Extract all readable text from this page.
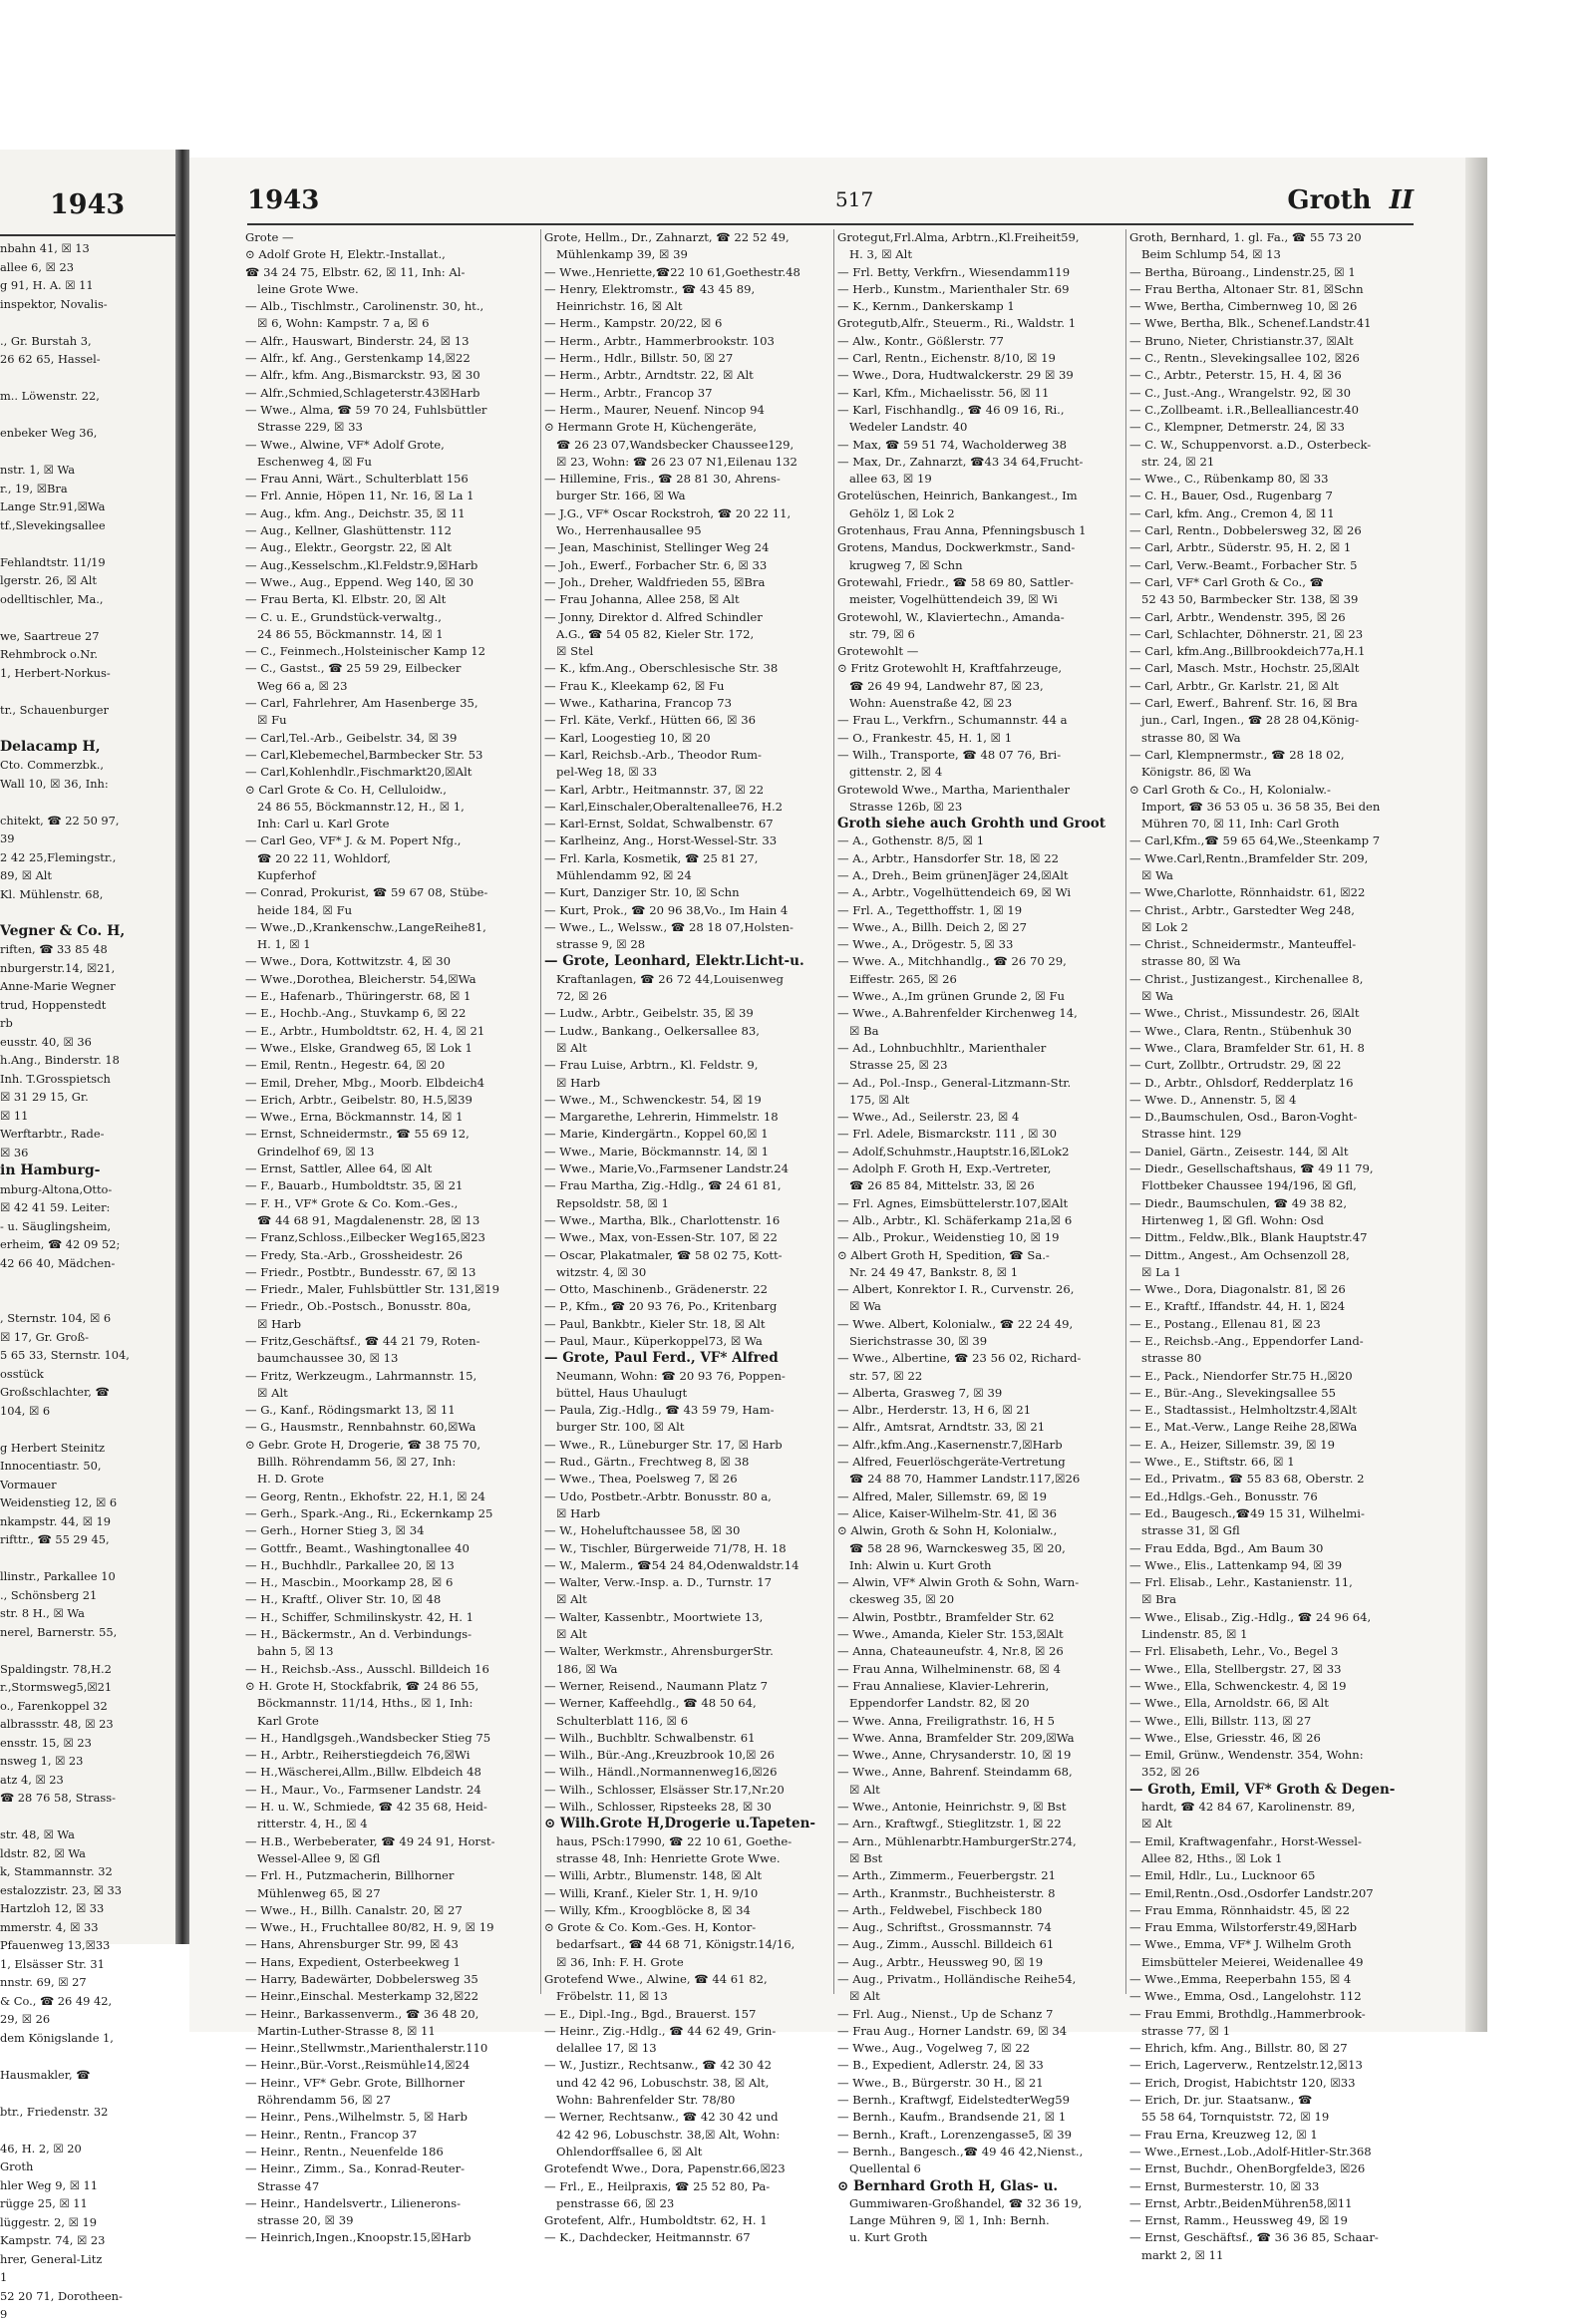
1943
nbahn 41, ☒ 13
allee 6, ☒ 23
g 91, H. A. ☒ 11
inspektor, Novalis-

., Gr. Burstah 3,
26 62 65, Hassel-

m.. Löwenstr. 22,

enbeker Weg 36,

nstr. 1, ☒ Wa
r., 19, ☒Bra
Lange Str.91,☒Wa
tf.,Slevekingsallee

Fehlandtstr. 11/19
lgerstr. 26, ☒ Alt
odelltischler, Ma.,

we, Saartreue 27
Rehmbrock o.Nr.
1, Herbert-Norkus-

tr., Schauenburger

Delacamp H,
Cto. Commerzbk.,
Wall 10, ☒ 36, Inh:

chitekt, ☎ 22 50 97,
39
2 42 25,Flemingstr.,
89, ☒ Alt
Kl. Mühlenstr. 68,

Vegner & Co. H,
riften, ☎ 33 85 48
nburgerstr.14, ☒21,
Anne-Marie Wegner
trud, Hoppenstedt
rb
eusstr. 40, ☒ 36
h.Ang., Binderstr. 18
Inh. T.Grosspietsch
☒ 31 29 15, Gr.
☒ 11
Werftarbtr., Rade-
☒ 36
in Hamburg-
mburg-Altona,Otto-
☒ 42 41 59. Leiter:
- u. Säuglingsheim,
erheim, ☎ 42 09 52;
42 66 40, Mädchen-

, Sternstr. 104, ☒ 6
☒ 17, Gr. Groß-
5 65 33, Sternstr. 104,
osstück
Großschlachter, ☎
104, ☒ 6

g Herbert Steinitz
Innocentiastr. 50,
Vormauer
Weidenstieg 12, ☒ 6
nkampstr. 44, ☒ 19
rifttr., ☎ 55 29 45,

llinstr., Parkallee 10
., Schönsberg 21
str. 8 H., ☒ Wa
nerel, Barnerstr. 55,

Spaldingstr. 78,H.2
r.,Stormsweg5,☒21
o., Farenkoppel 32
albrassstr. 48, ☒ 23
ensstr. 15, ☒ 23
nsweg 1, ☒ 23
atz 4, ☒ 23
☎ 28 76 58, Strass-

str. 48, ☒ Wa
ldstr. 82, ☒ Wa
k, Stammannstr. 32
estalozzistr. 23, ☒ 33
Hartzloh 12, ☒ 33
mmerstr. 4, ☒ 33
Pfauenweg 13,☒33
1, Elsässer Str. 31
nnstr. 69, ☒ 27
& Co., ☎ 26 49 42,
29, ☒ 26
dem Königslande 1,

Hausmakler, ☎

btr., Friedenstr. 32

46, H. 2, ☒ 20
Groth
hler Weg 9, ☒ 11
rügge 25, ☒ 11
lüggestr. 2, ☒ 19
Kampstr. 74, ☒ 23
hrer, General-Litz
1
52 20 71, Dorotheen-
9
1943	517	Groth II
Grote —
⊙ Adolf Grote H, Elektr.-Installat.,
☎ 34 24 75, Elbstr. 62, ☒ 11, Inh: Al-
leine Grote Wwe.
— Alb., Tischlmstr., Carolinenstr. 30, ht.,
☒ 6, Wohn: Kampstr. 7 a, ☒ 6
— Alfr., Hauswart, Binderstr. 24, ☒ 13
— Alfr., kf. Ang., Gerstenkamp 14,☒22
— Alfr., kfm. Ang.,Bismarckstr. 93, ☒ 30
— Alfr.,Schmied,Schlageterstr.43☒Harb
— Wwe., Alma, ☎ 59 70 24, Fuhlsbüttler
Strasse 229, ☒ 33
— Wwe., Alwine, VF* Adolf Grote,
Eschenweg 4, ☒ Fu
— Frau Anni, Wärt., Schulterblatt 156
— Frl. Annie, Höpen 11, Nr. 16, ☒ La 1
— Aug., kfm. Ang., Deichstr. 35, ☒ 11
— Aug., Kellner, Glashüttenstr. 112
— Aug., Elektr., Georgstr. 22, ☒ Alt
— Aug.,Kesselschm.,Kl.Feldstr.9,☒Harb
— Wwe., Aug., Eppend. Weg 140, ☒ 30
— Frau Berta, Kl. Elbstr. 20, ☒ Alt
— C. u. E., Grundstück-verwaltg.,
24 86 55, Böckmannstr. 14, ☒ 1
— C., Feinmech.,Holsteinischer Kamp 12
— C., Gastst., ☎ 25 59 29, Eilbecker
Weg 66 a, ☒ 23
— Carl, Fahrlehrer, Am Hasenberge 35,
☒ Fu
— Carl,Tel.-Arb., Geibelstr. 34, ☒ 39
— Carl,Klebemechel,Barmbecker Str. 53
— Carl,Kohlenhdlr.,Fischmarkt20,☒Alt
⊙ Carl Grote & Co. H, Celluloidw.,
24 86 55, Böckmannstr.12, H., ☒ 1,
Inh: Carl u. Karl Grote
— Carl Geo, VF* J. & M. Popert Nfg.,
☎ 20 22 11, Wohldorf,
Kupferhof
— Conrad, Prokurist, ☎ 59 67 08, Stübe-
heide 184, ☒ Fu
— Wwe.,D.,Krankenschw.,LangeReihe81,
H. 1, ☒ 1
— Wwe., Dora, Kottwitzstr. 4, ☒ 30
— Wwe.,Dorothea, Bleicherstr. 54,☒Wa
— E., Hafenarb., Thüringerstr. 68, ☒ 1
— E., Hochb.-Ang., Stuvkamp 6, ☒ 22
— E., Arbtr., Humboldtstr. 62, H. 4, ☒ 21
— Wwe., Elske, Grandweg 65, ☒ Lok 1
— Emil, Rentn., Hegestr. 64, ☒ 20
— Emil, Dreher, Mbg., Moorb. Elbdeich4
— Erich, Arbtr., Geibelstr. 80, H.5,☒39
— Wwe., Erna, Böckmannstr. 14, ☒ 1
— Ernst, Schneidermstr., ☎ 55 69 12,
Grindelhof 69, ☒ 13
— Ernst, Sattler, Allee 64, ☒ Alt
— F., Bauarb., Humboldtstr. 35, ☒ 21
— F. H., VF* Grote & Co. Kom.-Ges.,
☎ 44 68 91, Magdalenenstr. 28, ☒ 13
— Franz,Schloss.,Eilbecker Weg165,☒23
— Fredy, Sta.-Arb., Grossheidestr. 26
— Friedr., Postbtr., Bundesstr. 67, ☒ 13
— Friedr., Maler, Fuhlsbüttler Str. 131,☒19
— Friedr., Ob.-Postsch., Bonusstr. 80a,
☒ Harb
— Fritz,Geschäftsf., ☎ 44 21 79, Roten-
baumchaussee 30, ☒ 13
— Fritz, Werkzeugm., Lahrmannstr. 15,
☒ Alt
— G., Kanf., Rödingsmarkt 13, ☒ 11
— G., Hausmstr., Rennbahnstr. 60,☒Wa
⊙ Gebr. Grote H, Drogerie, ☎ 38 75 70,
Billh. Röhrendamm 56, ☒ 27, Inh:
H. D. Grote
— Georg, Rentn., Ekhofstr. 22, H.1, ☒ 24
— Gerh., Spark.-Ang., Ri., Eckernkamp 25
— Gerh., Horner Stieg 3, ☒ 34
— Gottfr., Beamt., Washingtonallee 40
— H., Buchhdlr., Parkallee 20, ☒ 13
— H., Mascbin., Moorkamp 28, ☒ 6
— H., Kraftf., Oliver Str. 10, ☒ 48
— H., Schiffer, Schmilinskystr. 42, H. 1
— H., Bäckermstr., An d. Verbindungs-
bahn 5, ☒ 13
— H., Reichsb.-Ass., Ausschl. Billdeich 16
⊙ H. Grote H, Stockfabrik, ☎ 24 86 55,
Böckmannstr. 11/14, Hths., ☒ 1, Inh:
Karl Grote
— H., Handlgsgeh.,Wandsbecker Stieg 75
— H., Arbtr., Reiherstiegdeich 76,☒Wi
— H.,Wäscherei,Allm.,Billw. Elbdeich 48
— H., Maur., Vo., Farmsener Landstr. 24
— H. u. W., Schmiede, ☎ 42 35 68, Heid-
ritterstr. 4, H., ☒ 4
— H.B., Werbeberater, ☎ 49 24 91, Horst-
Wessel-Allee 9, ☒ Gfl
— Frl. H., Putzmacherin, Billhorner
Mühlenweg 65, ☒ 27
— Wwe., H., Billh. Canalstr. 20, ☒ 27
— Wwe., H., Fruchtallee 80/82, H. 9, ☒ 19
— Hans, Ahrensburger Str. 99, ☒ 43
— Hans, Expedient, Osterbeekweg 1
— Harry, Badewärter, Dobbelersweg 35
— Heinr.,Einschal. Mesterkamp 32,☒22
— Heinr., Barkassenverm., ☎ 36 48 20,
Martin-Luther-Strasse 8, ☒ 11
— Heinr.,Stellwmstr.,Marienthalerstr.110
— Heinr.,Bür.-Vorst.,Reismühle14,☒24
— Heinr., VF* Gebr. Grote, Billhorner
Röhrendamm 56, ☒ 27
— Heinr., Pens.,Wilhelmstr. 5, ☒ Harb
— Heinr., Rentn., Francop 37
— Heinr., Rentn., Neuenfelde 186
— Heinr., Zimm., Sa., Konrad-Reuter-
Strasse 47
— Heinr., Handelsvertr., Lilienerons-
strasse 20, ☒ 39
— Heinrich,Ingen.,Knoopstr.15,☒Harb
Grote, Hellm., Dr., Zahnarzt, ☎ 22 52 49,
Mühlenkamp 39, ☒ 39
— Wwe.,Henriette,☎22 10 61,Goethestr.48
— Henry, Elektromstr., ☎ 43 45 89,
Heinrichstr. 16, ☒ Alt
— Herm., Kampstr. 20/22, ☒ 6
— Herm., Arbtr., Hammerbrookstr. 103
— Herm., Hdlr., Billstr. 50, ☒ 27
— Herm., Arbtr., Arndtstr. 22, ☒ Alt
— Herm., Arbtr., Francop 37
— Herm., Maurer, Neuenf. Nincop 94
⊙ Hermann Grote H, Küchengeräte,
☎ 26 23 07,Wandsbecker Chaussee129,
☒ 23, Wohn: ☎ 26 23 07 N1,Eilenau 132
— Hillemine, Fris., ☎ 28 81 30, Ahrens-
burger Str. 166, ☒ Wa
— J.G., VF* Oscar Rockstroh, ☎ 20 22 11,
Wo., Herrenhausallee 95
— Jean, Maschinist, Stellinger Weg 24
— Joh., Ewerf., Forbacher Str. 6, ☒ 33
— Joh., Dreher, Waldfrieden 55, ☒Bra
— Frau Johanna, Allee 258, ☒ Alt
— Jonny, Direktor d. Alfred Schindler
A.G., ☎ 54 05 82, Kieler Str. 172,
☒ Stel
— K., kfm.Ang., Oberschlesische Str. 38
— Frau K., Kleekamp 62, ☒ Fu
— Wwe., Katharina, Francop 73
— Frl. Käte, Verkf., Hütten 66, ☒ 36
— Karl, Loogestieg 10, ☒ 20
— Karl, Reichsb.-Arb., Theodor Rum-
pel-Weg 18, ☒ 33
— Karl, Arbtr., Heitmannstr. 37, ☒ 22
— Karl,Einschaler,Oberaltenallee76, H.2
— Karl-Ernst, Soldat, Schwalbenstr. 67
— Karlheinz, Ang., Horst-Wessel-Str. 33
— Frl. Karla, Kosmetik, ☎ 25 81 27,
Mühlendamm 92, ☒ 24
— Kurt, Danziger Str. 10, ☒ Schn
— Kurt, Prok., ☎ 20 96 38,Vo., Im Hain 4
— Wwe., L., Welssw., ☎ 28 18 07,Holsten-
strasse 9, ☒ 28
— Grote, Leonhard, Elektr.Licht-u.
Kraftanlagen, ☎ 26 72 44,Louisenweg
72, ☒ 26
— Ludw., Arbtr., Geibelstr. 35, ☒ 39
— Ludw., Bankang., Oelkersallee 83,
☒ Alt
— Frau Luise, Arbtrn., Kl. Feldstr. 9,
☒ Harb
— Wwe., M., Schwenckestr. 54, ☒ 19
— Margarethe, Lehrerin, Himmelstr. 18
— Marie, Kindergärtn., Koppel 60,☒ 1
— Wwe., Marie, Böckmannstr. 14, ☒ 1
— Wwe., Marie,Vo.,Farmsener Landstr.24
— Frau Martha, Zig.-Hdlg., ☎ 24 61 81,
Repsoldstr. 58, ☒ 1
— Wwe., Martha, Blk., Charlottenstr. 16
— Wwe., Max, von-Essen-Str. 107, ☒ 22
— Oscar, Plakatmaler, ☎ 58 02 75, Kott-
witzstr. 4, ☒ 30
— Otto, Maschinenb., Grädenerstr. 22
— P., Kfm., ☎ 20 93 76, Po., Kritenbarg
— Paul, Bankbtr., Kieler Str. 18, ☒ Alt
— Paul, Maur., Küperkoppel73, ☒ Wa
— Grote, Paul Ferd., VF* Alfred
Neumann, Wohn: ☎ 20 93 76, Poppen-
büttel, Haus Uhaulugt
— Paula, Zig.-Hdlg., ☎ 43 59 79, Ham-
burger Str. 100, ☒ Alt
— Wwe., R., Lüneburger Str. 17, ☒ Harb
— Rud., Gärtn., Frechtweg 8, ☒ 38
— Wwe., Thea, Poelsweg 7, ☒ 26
— Udo, Postbetr.-Arbtr. Bonusstr. 80 a,
☒ Harb
— W., Hoheluftchaussee 58, ☒ 30
— W., Tischler, Bürgerweide 71/78, H. 18
— W., Malerm., ☎54 24 84,Odenwaldstr.14
— Walter, Verw.-Insp. a. D., Turnstr. 17
☒ Alt
— Walter, Kassenbtr., Moortwiete 13,
☒ Alt
— Walter, Werkmstr., AhrensburgerStr.
186, ☒ Wa
— Werner, Reisend., Naumann Platz 7
— Werner, Kaffeehdlg., ☎ 48 50 64,
Schulterblatt 116, ☒ 6
— Wilh., Buchbltr. Schwalbenstr. 61
— Wilh., Bür.-Ang.,Kreuzbrook 10,☒ 26
— Wilh., Händl.,Normannenweg16,☒26
— Wilh., Schlosser, Elsässer Str.17,Nr.20
— Wilh., Schlosser, Ripsteeks 28, ☒ 30
⊙ Wilh.Grote H,Drogerie u.Tapeten-
haus, PSch:17990, ☎ 22 10 61, Goethe-
strasse 48, Inh: Henriette Grote Wwe.
— Willi, Arbtr., Blumenstr. 148, ☒ Alt
— Willi, Kranf., Kieler Str. 1, H. 9/10
— Willy, Kfm., Kroogblöcke 8, ☒ 34
⊙ Grote & Co. Kom.-Ges. H, Kontor-
bedarfsart., ☎ 44 68 71, Königstr.14/16,
☒ 36, Inh: F. H. Grote
Grotefend Wwe., Alwine, ☎ 44 61 82,
Fröbelstr. 11, ☒ 13
— E., Dipl.-Ing., Bgd., Brauerst. 157
— Heinr., Zig.-Hdlg., ☎ 44 62 49, Grin-
delallee 17, ☒ 13
— W., Justizr., Rechtsanw., ☎ 42 30 42
und 42 42 96, Lobuschstr. 38, ☒ Alt,
Wohn: Bahrenfelder Str. 78/80
— Werner, Rechtsanw., ☎ 42 30 42 und
42 42 96, Lobuschstr. 38,☒ Alt, Wohn:
Ohlendorffsallee 6, ☒ Alt
Grotefendt Wwe., Dora, Papenstr.66,☒23
— Frl., E., Heilpraxis, ☎ 25 52 80, Pa-
penstrasse 66, ☒ 23
Grotefent, Alfr., Humboldtstr. 62, H. 1
— K., Dachdecker, Heitmannstr. 67
Grotegut,Frl.Alma, Arbtrn.,Kl.Freiheit59,
H. 3, ☒ Alt
— Frl. Betty, Verkfrn., Wiesendamm119
— Herb., Kunstm., Marienthaler Str. 69
— K., Kernm., Dankerskamp 1
Grotegutb,Alfr., Steuerm., Ri., Waldstr. 1
— Alw., Kontr., Gößlerstr. 77
— Carl, Rentn., Eichenstr. 8/10, ☒ 19
— Wwe., Dora, Hudtwalckerstr. 29 ☒ 39
— Karl, Kfm., Michaelisstr. 56, ☒ 11
— Karl, Fischhandlg., ☎ 46 09 16, Ri.,
Wedeler Landstr. 40
— Max, ☎ 59 51 74, Wacholderweg 38
— Max, Dr., Zahnarzt, ☎43 34 64,Frucht-
allee 63, ☒ 19
Grotelüschen, Heinrich, Bankangest., Im
Gehölz 1, ☒ Lok 2
Grotenhaus, Frau Anna, Pfenningsbusch 1
Grotens, Mandus, Dockwerkmstr., Sand-
krugweg 7, ☒ Schn
Grotewahl, Friedr., ☎ 58 69 80, Sattler-
meister, Vogelhüttendeich 39, ☒ Wi
Grotewohl, W., Klaviertechn., Amanda-
str. 79, ☒ 6
Grotewohlt —
⊙ Fritz Grotewohlt H, Kraftfahrzeuge,
☎ 26 49 94, Landwehr 87, ☒ 23,
Wohn: Auenstraße 42, ☒ 23
— Frau L., Verkfrn., Schumannstr. 44 a
— O., Frankestr. 45, H. 1, ☒ 1
— Wilh., Transporte, ☎ 48 07 76, Bri-
gittenstr. 2, ☒ 4
Grotewold Wwe., Martha, Marienthaler
Strasse 126b, ☒ 23
Groth siehe auch Grohth und Groot
— A., Gothenstr. 8/5, ☒ 1
— A., Arbtr., Hansdorfer Str. 18, ☒ 22
— A., Dreh., Beim grünenJäger 24,☒Alt
— A., Arbtr., Vogelhüttendeich 69, ☒ Wi
— Frl. A., Tegetthoffstr. 1, ☒ 19
— Wwe., A., Billh. Deich 2, ☒ 27
— Wwe., A., Drögestr. 5, ☒ 33
— Wwe. A., Mitchhandlg., ☎ 26 70 29,
Eiffestr. 265, ☒ 26
— Wwe., A.,Im grünen Grunde 2, ☒ Fu
— Wwe., A.Bahrenfelder Kirchenweg 14,
☒ Ba
— Ad., Lohnbuchhltr., Marienthaler
Strasse 25, ☒ 23
— Ad., Pol.-Insp., General-Litzmann-Str.
175, ☒ Alt
— Wwe., Ad., Seilerstr. 23, ☒ 4
— Frl. Adele, Bismarckstr. 111 , ☒ 30
— Adolf,Schuhmstr.,Hauptstr.16,☒Lok2
— Adolph F. Groth H, Exp.-Vertreter,
☎ 26 85 84, Mittelstr. 33, ☒ 26
— Frl. Agnes, Eimsbüttelerstr.107,☒Alt
— Alb., Arbtr., Kl. Schäferkamp 21a,☒ 6
— Alb., Prokur., Weidenstieg 10, ☒ 19
⊙ Albert Groth H, Spedition, ☎ Sa.-
Nr. 24 49 47, Bankstr. 8, ☒ 1
— Albert, Konrektor I. R., Curvenstr. 26,
☒ Wa
— Wwe. Albert, Kolonialw., ☎ 22 24 49,
Sierichstrasse 30, ☒ 39
— Wwe., Albertine, ☎ 23 56 02, Richard-
str. 57, ☒ 22
— Alberta, Grasweg 7, ☒ 39
— Albr., Herderstr. 13, H 6, ☒ 21
— Alfr., Amtsrat, Arndtstr. 33, ☒ 21
— Alfr.,kfm.Ang.,Kasernenstr.7,☒Harb
— Alfred, Feuerlöschgeräte-Vertretung
☎ 24 88 70, Hammer Landstr.117,☒26
— Alfred, Maler, Sillemstr. 69, ☒ 19
— Alice, Kaiser-Wilhelm-Str. 41, ☒ 36
⊙ Alwin, Groth & Sohn H, Kolonialw.,
☎ 58 28 96, Warnckesweg 35, ☒ 20,
Inh: Alwin u. Kurt Groth
— Alwin, VF* Alwin Groth & Sohn, Warn-
ckesweg 35, ☒ 20
— Alwin, Postbtr., Bramfelder Str. 62
— Wwe., Amanda, Kieler Str. 153,☒Alt
— Anna, Chateauneufstr. 4, Nr.8, ☒ 26
— Frau Anna, Wilhelminenstr. 68, ☒ 4
— Frau Annaliese, Klavier-Lehrerin,
Eppendorfer Landstr. 82, ☒ 20
— Wwe. Anna, Freiligrathstr. 16, H 5
— Wwe. Anna, Bramfelder Str. 209,☒Wa
— Wwe., Anne, Chrysanderstr. 10, ☒ 19
— Wwe., Anne, Bahrenf. Steindamm 68,
☒ Alt
— Wwe., Antonie, Heinrichstr. 9, ☒ Bst
— Arn., Kraftwgf., Stieglitzstr. 1, ☒ 22
— Arn., Mühlenarbtr.HamburgerStr.274,
☒ Bst
— Arth., Zimmerm., Feuerbergstr. 21
— Arth., Kranmstr., Buchheisterstr. 8
— Arth., Feldwebel, Fischbeck 180
— Aug., Schriftst., Grossmannstr. 74
— Aug., Zimm., Ausschl. Billdeich 61
— Aug., Arbtr., Heussweg 90, ☒ 19
— Aug., Privatm., Holländische Reihe54,
☒ Alt
— Frl. Aug., Nienst., Up de Schanz 7
— Frau Aug., Horner Landstr. 69, ☒ 34
— Wwe., Aug., Vogelweg 7, ☒ 22
— B., Expedient, Adlerstr. 24, ☒ 33
— Wwe., B., Bürgerstr. 30 H., ☒ 21
— Bernh., Kraftwgf, EidelstedterWeg59
— Bernh., Kaufm., Brandsende 21, ☒ 1
— Bernh., Kraft., Lorenzengasse5, ☒ 39
— Bernh., Bangesch.,☎ 49 46 42,Nienst.,
Quellental 6
⊙ Bernhard Groth H, Glas- u.
Gummiwaren-Großhandel, ☎ 32 36 19,
Lange Mühren 9, ☒ 1, Inh: Bernh.
u. Kurt Groth
Groth, Bernhard, 1. gl. Fa., ☎ 55 73 20
Beim Schlump 54, ☒ 13
— Bertha, Büroang., Lindenstr.25, ☒ 1
— Frau Bertha, Altonaer Str. 81, ☒Schn
— Wwe, Bertha, Cimbernweg 10, ☒ 26
— Wwe, Bertha, Blk., Schenef.Landstr.41
— Bruno, Nieter, Christianstr.37, ☒Alt
— C., Rentn., Slevekingsallee 102, ☒26
— C., Arbtr., Peterstr. 15, H. 4, ☒ 36
— C., Just.-Ang., Wrangelstr. 92, ☒ 30
— C.,Zollbeamt. i.R.,Bellealliancestr.40
— C., Klempner, Detmerstr. 24, ☒ 33
— C. W., Schuppenvorst. a.D., Osterbeck-
str. 24, ☒ 21
— Wwe., C., Rübenkamp 80, ☒ 33
— C. H., Bauer, Osd., Rugenbarg 7
— Carl, kfm. Ang., Cremon 4, ☒ 11
— Carl, Rentn., Dobbelersweg 32, ☒ 26
— Carl, Arbtr., Süderstr. 95, H. 2, ☒ 1
— Carl, Verw.-Beamt., Forbacher Str. 5
— Carl, VF* Carl Groth & Co., ☎
52 43 50, Barmbecker Str. 138, ☒ 39
— Carl, Arbtr., Wendenstr. 395, ☒ 26
— Carl, Schlachter, Döhnerstr. 21, ☒ 23
— Carl, kfm.Ang.,Billbrookdeich77a,H.1
— Carl, Masch. Mstr., Hochstr. 25,☒Alt
— Carl, Arbtr., Gr. Karlstr. 21, ☒ Alt
— Carl, Ewerf., Bahrenf. Str. 16, ☒ Bra
jun., Carl, Ingen., ☎ 28 28 04,König-
strasse 80, ☒ Wa
— Carl, Klempnermstr., ☎ 28 18 02,
Königstr. 86, ☒ Wa
⊙ Carl Groth & Co., H, Kolonialw.-
Import, ☎ 36 53 05 u. 36 58 35, Bei den
Mühren 70, ☒ 11, Inh: Carl Groth
— Carl,Kfm.,☎ 59 65 64,We.,Steenkamp 7
— Wwe.Carl,Rentn.,Bramfelder Str. 209,
☒ Wa
— Wwe,Charlotte, Rönnhaidstr. 61, ☒22
— Christ., Arbtr., Garstedter Weg 248,
☒ Lok 2
— Christ., Schneidermstr., Manteuffel-
strasse 80, ☒ Wa
— Christ., Justizangest., Kirchenallee 8,
☒ Wa
— Wwe., Christ., Missundestr. 26, ☒Alt
— Wwe., Clara, Rentn., Stübenhuk 30
— Wwe., Clara, Bramfelder Str. 61, H. 8
— Curt, Zollbtr., Ortrudstr. 29, ☒ 22
— D., Arbtr., Ohlsdorf, Redderplatz 16
— Wwe. D., Annenstr. 5, ☒ 4
— D.,Baumschulen, Osd., Baron-Voght-
Strasse hint. 129
— Daniel, Gärtn., Zeisestr. 144, ☒ Alt
— Diedr., Gesellschaftshaus, ☎ 49 11 79,
Flottbeker Chaussee 194/196, ☒ Gfl,
— Diedr., Baumschulen, ☎ 49 38 82,
Hirtenweg 1, ☒ Gfl. Wohn: Osd
— Dittm., Feldw.,Blk., Blank Hauptstr.47
— Dittm., Angest., Am Ochsenzoll 28,
☒ La 1
— Wwe., Dora, Diagonalstr. 81, ☒ 26
— E., Kraftf., Iffandstr. 44, H. 1, ☒24
— E., Postang., Ellenau 81, ☒ 23
— E., Reichsb.-Ang., Eppendorfer Land-
strasse 80
— E., Pack., Niendorfer Str.75 H.,☒20
— E., Bür.-Ang., Slevekingsallee 55
— E., Stadtassist., Helmholtzstr.4,☒Alt
— E., Mat.-Verw., Lange Reihe 28,☒Wa
— E. A., Heizer, Sillemstr. 39, ☒ 19
— Wwe., E., Stiftstr. 66, ☒ 1
— Ed., Privatm., ☎ 55 83 68, Oberstr. 2
— Ed.,Hdlgs.-Geh., Bonusstr. 76
— Ed., Baugesch.,☎49 15 31, Wilhelmi-
strasse 31, ☒ Gfl
— Frau Edda, Bgd., Am Baum 30
— Wwe., Elis., Lattenkamp 94, ☒ 39
— Frl. Elisab., Lehr., Kastanienstr. 11,
☒ Bra
— Wwe., Elisab., Zig.-Hdlg., ☎ 24 96 64,
Lindenstr. 85, ☒ 1
— Frl. Elisabeth, Lehr., Vo., Begel 3
— Wwe., Ella, Stellbergstr. 27, ☒ 33
— Wwe., Ella, Schwenckestr. 4, ☒ 19
— Wwe., Ella, Arnoldstr. 66, ☒ Alt
— Wwe., Elli, Billstr. 113, ☒ 27
— Wwe., Else, Griesstr. 46, ☒ 26
— Emil, Grünw., Wendenstr. 354, Wohn:
352, ☒ 26
— Groth, Emil, VF* Groth & Degen-
hardt, ☎ 42 84 67, Karolinenstr. 89,
☒ Alt
— Emil, Kraftwagenfahr., Horst-Wessel-
Allee 82, Hths., ☒ Lok 1
— Emil, Hdlr., Lu., Lucknoor 65
— Emil,Rentn.,Osd.,Osdorfer Landstr.207
— Frau Emma, Rönnhaidstr. 45, ☒ 22
— Frau Emma, Wilstorferstr.49,☒Harb
— Wwe., Emma, VF* J. Wilhelm Groth
Eimsbütteler Meierei, Weidenallee 49
— Wwe.,Emma, Reeperbahn 155, ☒ 4
— Wwe., Emma, Osd., Langelohstr. 112
— Frau Emmi, Brothdlg.,Hammerbrook-
strasse 77, ☒ 1
— Ehrich, kfm. Ang., Billstr. 80, ☒ 27
— Erich, Lagerverw., Rentzelstr.12,☒13
— Erich, Drogist, Habichtstr 120, ☒33
— Erich, Dr. jur. Staatsanw., ☎
55 58 64, Tornquiststr. 72, ☒ 19
— Frau Erna, Kreuzweg 12, ☒ 1
— Wwe.,Ernest.,Lob.,Adolf-Hitler-Str.368
— Ernst, Buchdr., OhenBorgfelde3, ☒26
— Ernst, Burmesterstr. 10, ☒ 33
— Ernst, Arbtr.,BeidenMühren58,☒11
— Ernst, Ramm., Heussweg 49, ☒ 19
— Ernst, Geschäftsf., ☎ 36 36 85, Schaar-
markt 2, ☒ 11
